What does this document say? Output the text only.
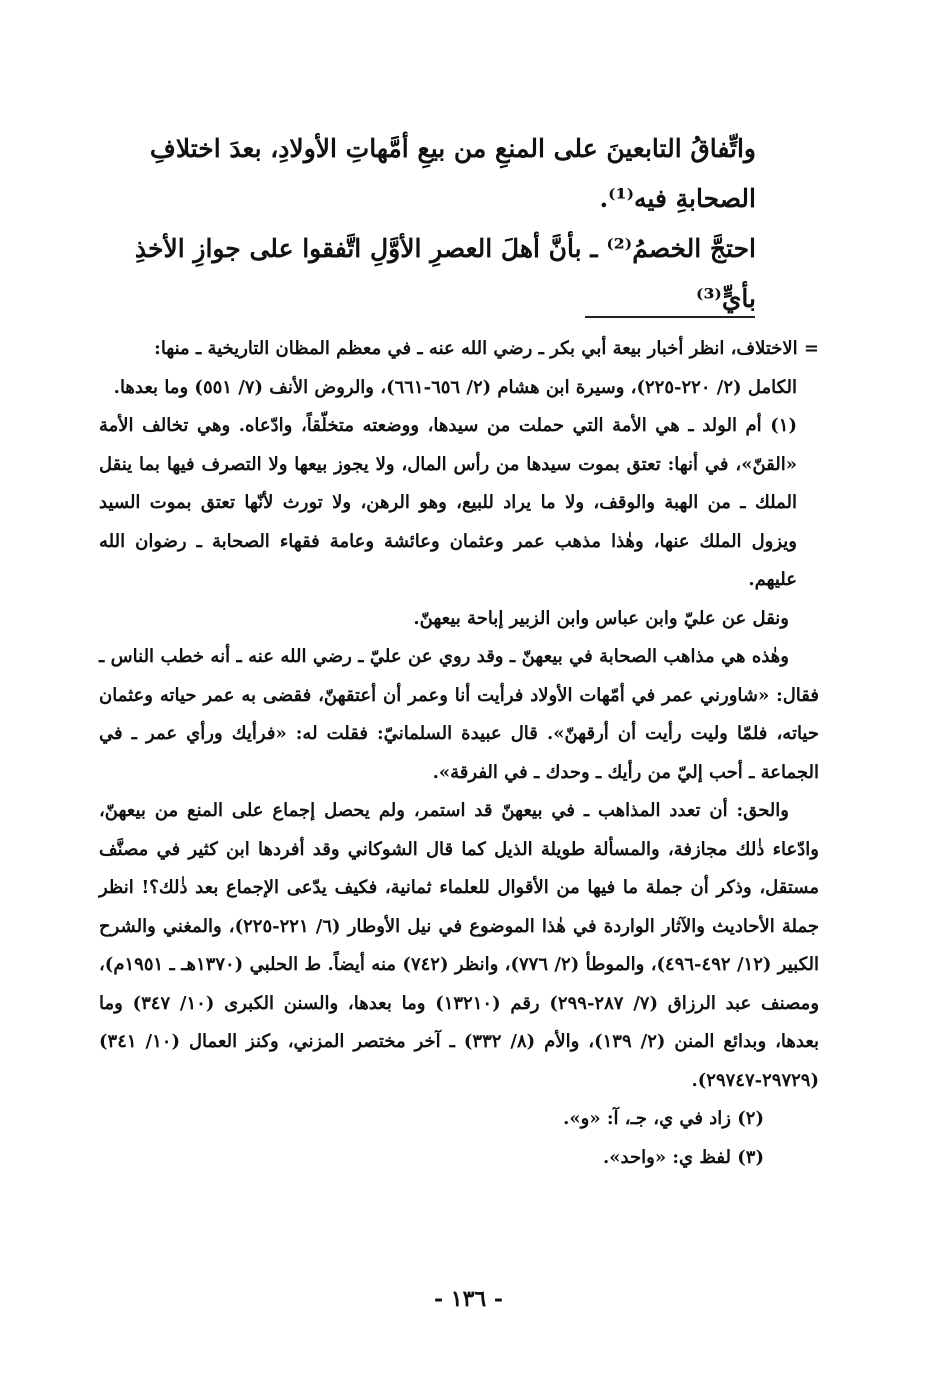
واتِّفاقُ التابعينَ على المنعِ من بيعِ أمَّهاتِ الأولادِ، بعدَ اختلافِ الصحابةِ فيه⁽¹⁾.

احتجَّ الخصمُ⁽²⁾ ـ بأنَّ أهلَ العصرِ الأوَّلِ اتَّفقوا على جوازِ الأخذِ بأيٍّ⁽³⁾

= الاختلاف، انظر أخبار بيعة أبي بكر ـ رضي الله عنه ـ في معظم المظان التاريخية ـ منها:

الكامل (٢/ ٢٢٠-٢٢٥)، وسيرة ابن هشام (٢/ ٦٥٦-٦٦١)، والروض الأنف (٧/ ٥٥١) وما بعدها.

(١) أم الولد ـ هي الأمة التي حملت من سيدها، ووضعته متخلّقاً، وادّعاه. وهي تخالف الأمة «القنّ»، في أنها: تعتق بموت سيدها من رأس المال، ولا يجوز بيعها ولا التصرف فيها بما ينقل الملك ـ من الهبة والوقف، ولا ما يراد للبيع، وهو الرهن، ولا تورث لأنّها تعتق بموت السيد ويزول الملك عنها، وهٰذا مذهب عمر وعثمان وعائشة وعامة فقهاء الصحابة ـ رضوان الله عليهم.

ونقل عن عليّ وابن عباس وابن الزبير إباحة بيعهنّ.

وهٰذه هي مذاهب الصحابة في بيعهنّ ـ وقد روي عن عليّ ـ رضي الله عنه ـ أنه خطب الناس ـ فقال: «شاورني عمر في أمّهات الأولاد فرأيت أنا وعمر أن أعتقهنّ، فقضى به عمر حياته وعثمان حياته، فلمّا وليت رأيت أن أرقهنّ». قال عبيدة السلمانيّ: فقلت له: «فرأيك ورأي عمر ـ في الجماعة ـ أحب إليّ من رأيك ـ وحدك ـ في الفرقة».

والحق: أن تعدد المذاهب ـ في بيعهنّ قد استمر، ولم يحصل إجماع على المنع من بيعهنّ، وادّعاء ذٰلك مجازفة، والمسألة طويلة الذيل كما قال الشوكاني وقد أفردها ابن كثير في مصنَّف مستقل، وذكر أن جملة ما فيها من الأقوال للعلماء ثمانية، فكيف يدّعى الإجماع بعد ذٰلك؟! انظر جملة الأحاديث والآثار الواردة في هٰذا الموضوع في نيل الأوطار (٦/ ٢٢١-٢٢٥)، والمغني والشرح الكبير (١٢/ ٤٩٢-٤٩٦)، والموطأ (٢/ ٧٧٦)، وانظر (٧٤٢) منه أيضاً. ط الحلبي (١٣٧٠هـ ـ ١٩٥١م)، ومصنف عبد الرزاق (٧/ ٢٨٧-٢٩٩) رقم (١٣٢١٠) وما بعدها، والسنن الكبرى (١٠/ ٣٤٧) وما بعدها، وبدائع المنن (٢/ ١٣٩)، والأم (٨/ ٣٣٢) ـ آخر مختصر المزني، وكنز العمال (١٠/ ٣٤١) (٢٩٧٢٩-٢٩٧٤٧).

(٢) زاد في ي، جـ، آ: «و».

(٣) لفظ ي: «واحد».

- ١٣٦ -
